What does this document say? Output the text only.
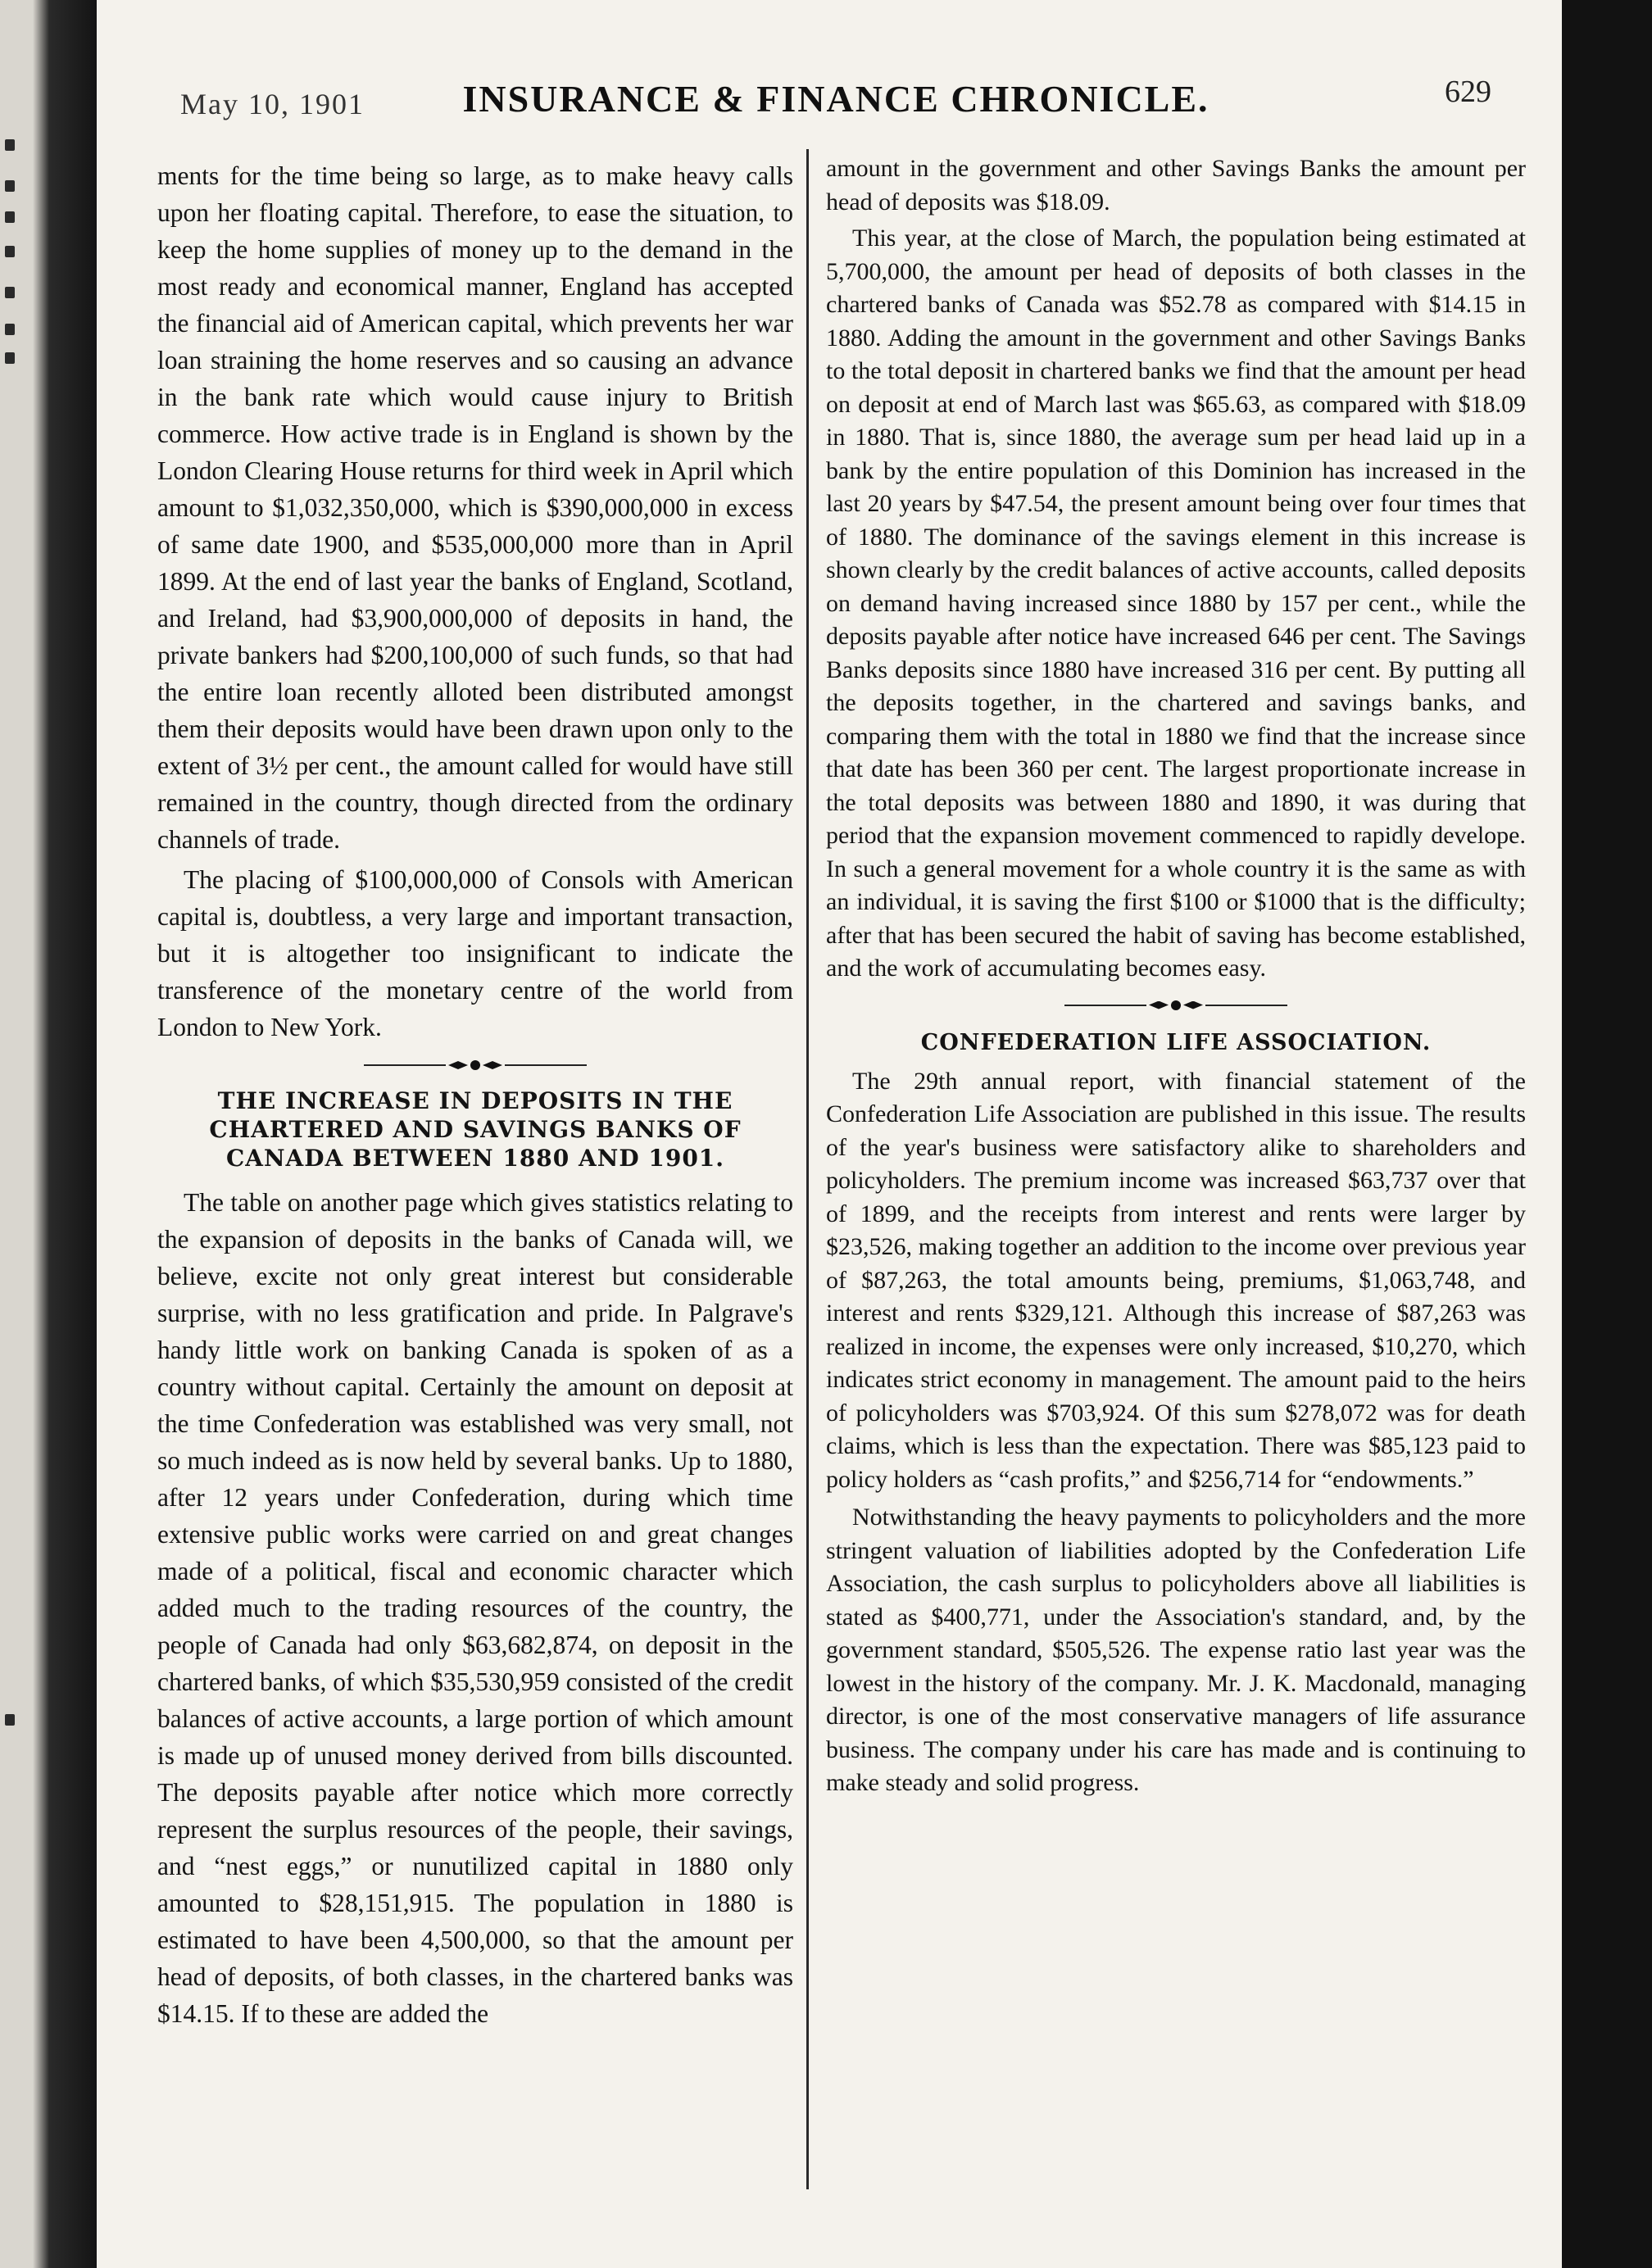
May 10, 1901	INSURANCE & FINANCE CHRONICLE.	629

ments for the time being so large, as to make heavy calls upon her floating capital. Therefore, to ease the situation, to keep the home supplies of money up to the demand in the most ready and economical manner, England has accepted the financial aid of American capital, which prevents her war loan straining the home reserves and so causing an advance in the bank rate which would cause injury to British commerce. How active trade is in England is shown by the London Clearing House returns for third week in April which amount to $1,032,350,000, which is $390,000,000 in excess of same date 1900, and $535,000,000 more than in April 1899. At the end of last year the banks of England, Scotland, and Ireland, had $3,900,000,000 of deposits in hand, the private bankers had $200,100,000 of such funds, so that had the entire loan recently alloted been distributed amongst them their deposits would have been drawn upon only to the extent of 3½ per cent., the amount called for would have still remained in the country, though directed from the ordinary channels of trade.

The placing of $100,000,000 of Consols with American capital is, doubtless, a very large and important transaction, but it is altogether too insignificant to indicate the transference of the monetary centre of the world from London to New York.

THE INCREASE IN DEPOSITS IN THE CHARTERED AND SAVINGS BANKS OF CANADA BETWEEN 1880 AND 1901.

The table on another page which gives statistics relating to the expansion of deposits in the banks of Canada will, we believe, excite not only great interest but considerable surprise, with no less gratification and pride. In Palgrave's handy little work on banking Canada is spoken of as a country without capital. Certainly the amount on deposit at the time Confederation was established was very small, not so much indeed as is now held by several banks. Up to 1880, after 12 years under Confederation, during which time extensive public works were carried on and great changes made of a political, fiscal and economic character which added much to the trading resources of the country, the people of Canada had only $63,682,874, on deposit in the chartered banks, of which $35,530,959 consisted of the credit balances of active accounts, a large portion of which amount is made up of unused money derived from bills discounted. The deposits payable after notice which more correctly represent the surplus resources of the people, their savings, and “nest eggs,” or nunutilized capital in 1880 only amounted to $28,151,915. The population in 1880 is estimated to have been 4,500,000, so that the amount per head of deposits, of both classes, in the chartered banks was $14.15. If to these are added the

amount in the government and other Savings Banks the amount per head of deposits was $18.09.

This year, at the close of March, the population being estimated at 5,700,000, the amount per head of deposits of both classes in the chartered banks of Canada was $52.78 as compared with $14.15 in 1880. Adding the amount in the government and other Savings Banks to the total deposit in chartered banks we find that the amount per head on deposit at end of March last was $65.63, as compared with $18.09 in 1880. That is, since 1880, the average sum per head laid up in a bank by the entire population of this Dominion has increased in the last 20 years by $47.54, the present amount being over four times that of 1880. The dominance of the savings element in this increase is shown clearly by the credit balances of active accounts, called deposits on demand having increased since 1880 by 157 per cent., while the deposits payable after notice have increased 646 per cent. The Savings Banks deposits since 1880 have increased 316 per cent. By putting all the deposits together, in the chartered and savings banks, and comparing them with the total in 1880 we find that the increase since that date has been 360 per cent. The largest proportionate increase in the total deposits was between 1880 and 1890, it was during that period that the expansion movement commenced to rapidly develope. In such a general movement for a whole country it is the same as with an individual, it is saving the first $100 or $1000 that is the difficulty; after that has been secured the habit of saving has become established, and the work of accumulating becomes easy.

CONFEDERATION LIFE ASSOCIATION.

The 29th annual report, with financial statement of the Confederation Life Association are published in this issue. The results of the year's business were satisfactory alike to shareholders and policyholders. The premium income was increased $63,737 over that of 1899, and the receipts from interest and rents were larger by $23,526, making together an addition to the income over previous year of $87,263, the total amounts being, premiums, $1,063,748, and interest and rents $329,121. Although this increase of $87,263 was realized in income, the expenses were only increased, $10,270, which indicates strict economy in management. The amount paid to the heirs of policyholders was $703,924. Of this sum $278,072 was for death claims, which is less than the expectation. There was $85,123 paid to policy holders as “cash profits,” and $256,714 for “endowments.”

Notwithstanding the heavy payments to policyholders and the more stringent valuation of liabilities adopted by the Confederation Life Association, the cash surplus to policyholders above all liabilities is stated as $400,771, under the Association's standard, and, by the government standard, $505,526. The expense ratio last year was the lowest in the history of the company. Mr. J. K. Macdonald, managing director, is one of the most conservative managers of life assurance business. The company under his care has made and is continuing to make steady and solid progress.
